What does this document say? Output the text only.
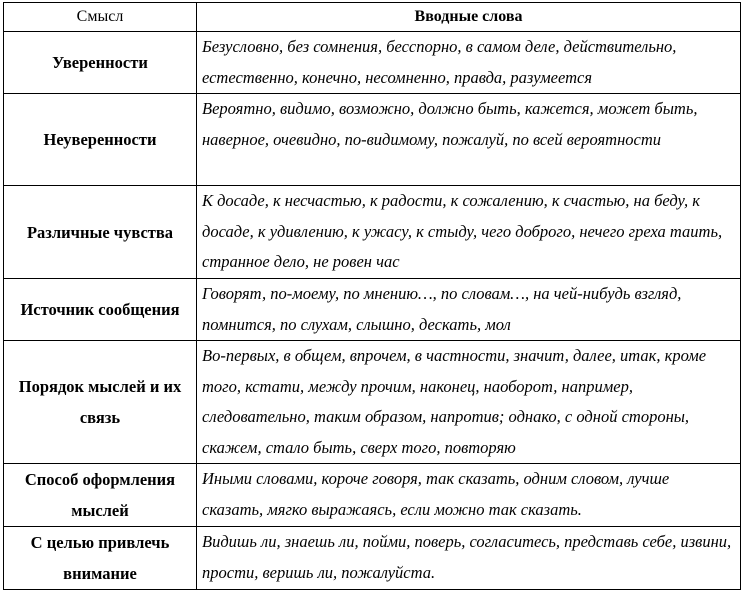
Смысл	Вводные слова
Уверенности	Безусловно, без сомнения, бесспорно, в самом деле, действительно, естественно, конечно, несомненно, правда, разумеется
Неуверенности	Вероятно, видимо, возможно, должно быть, кажется, может быть, наверное, очевидно, по-видимому, пожалуй, по всей вероятности
Различные чувства	К досаде, к несчастью, к радости, к сожалению, к счастью, на беду, к досаде, к удивлению, к ужасу, к стыду, чего доброго, нечего греха таить, странное дело, не ровен час
Источник сообщения	Говорят, по-моему, по мнению…, по словам…, на чей-нибудь взгляд, помнится, по слухам, слышно, дескать, мол
Порядок мыслей и их связь	Во-первых, в общем, впрочем, в частности, значит, далее, итак, кроме того, кстати, между прочим, наконец, наоборот, например, следовательно, таким образом, напротив; однако, с одной стороны, скажем, стало быть, сверх того, повторяю
Способ оформления мыслей	Иными словами, короче говоря, так сказать, одним словом, лучше сказать, мягко выражаясь, если можно так сказать.
С целью привлечь внимание	Видишь ли, знаешь ли, пойми, поверь, согласитесь, представь себе, извини, прости, веришь ли, пожалуйста.
